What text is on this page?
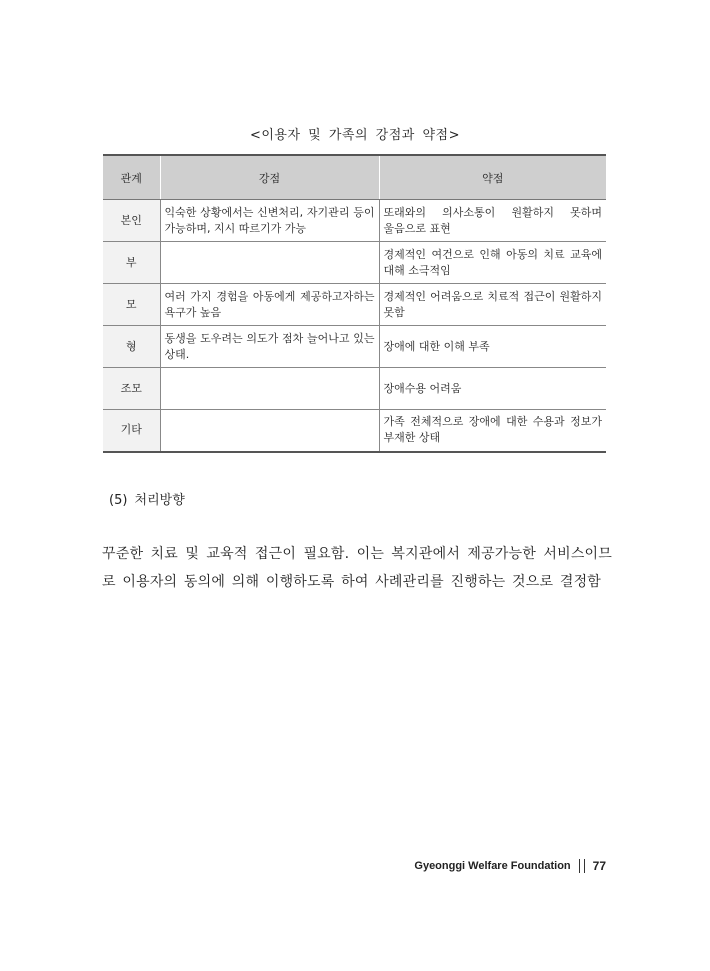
<이용자 및 가족의 강점과 약점>
관계	강점	약점
본인	익숙한 상황에서는 신변처리, 자기관리 등이 가능하며, 지시 따르기가 가능	또래와의 의사소통이 원활하지 못하며 울음으로 표현
부		경제적인 여건으로 인해 아동의 치료 교육에 대해 소극적임
모	여러 가지 경험을 아동에게 제공하고자하는 욕구가 높음	경제적인 어려움으로 치료적 접근이 원활하지 못함
형	동생을 도우려는 의도가 점차 늘어나고 있는 상태.	장애에 대한 이해 부족
조모		장애수용 어려움
기타		가족 전체적으로 장애에 대한 수용과 정보가 부재한 상태
(5) 처리방향
꾸준한 치료 및 교육적 접근이 필요함. 이는 복지관에서 제공가능한 서비스이므로 이용자의 동의에 의해 이행하도록 하여 사례관리를 진행하는 것으로 결정함
Gyeonggi Welfare Foundation 77
